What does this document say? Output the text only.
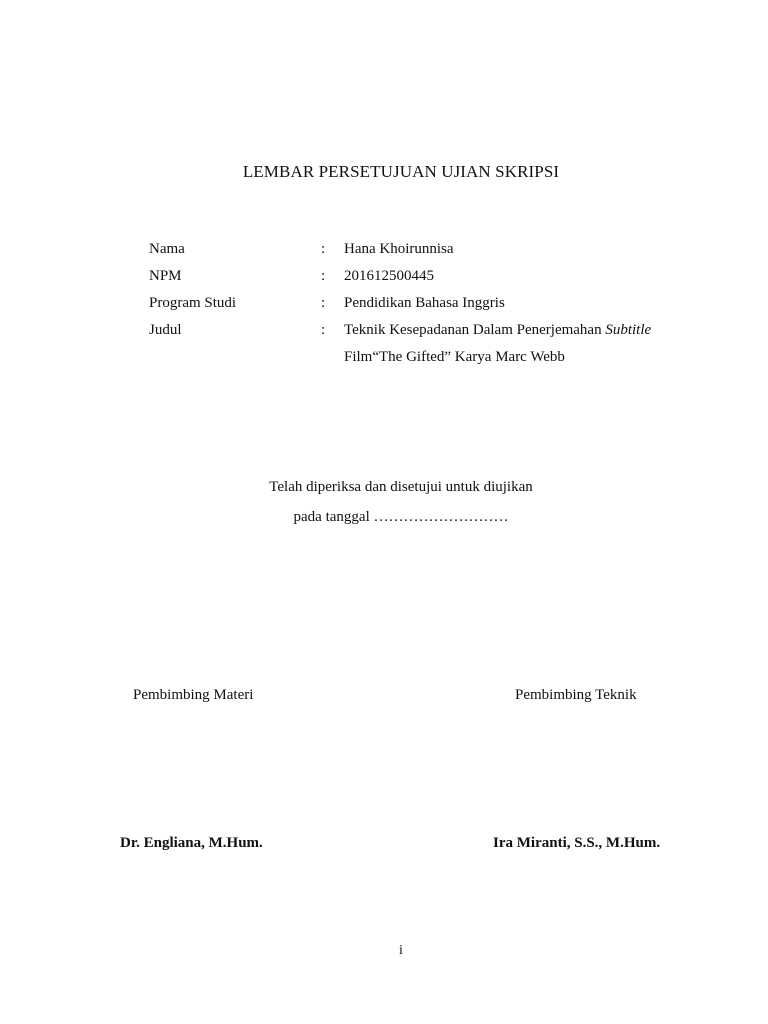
LEMBAR PERSETUJUAN UJIAN SKRIPSI
Nama	: Hana Khoirunnisa
NPM	: 201612500445
Program Studi	: Pendidikan Bahasa Inggris
Judul	: Teknik Kesepadanan Dalam Penerjemahan Subtitle
Film“The Gifted” Karya Marc Webb
Telah diperiksa dan disetujui untuk diujikan
pada tanggal ………………………
Pembimbing Materi	Pembimbing Teknik
Dr. Engliana, M.Hum.	Ira Miranti, S.S., M.Hum.
i
